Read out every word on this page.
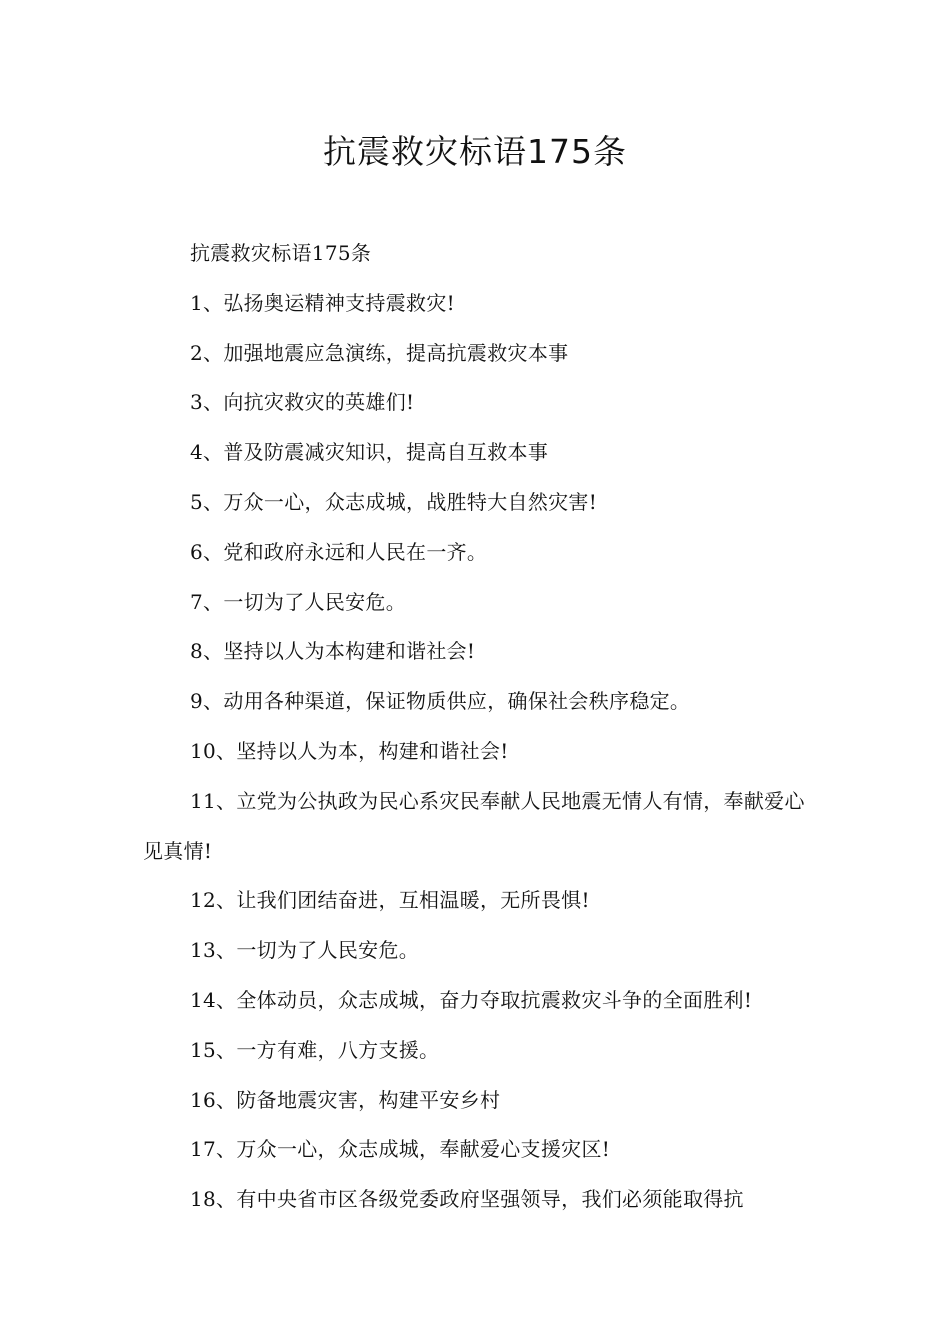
抗震救灾标语175条

抗震救灾标语175条

1、弘扬奥运精神支持震救灾!

2、加强地震应急演练，提高抗震救灾本事

3、向抗灾救灾的英雄们!

4、普及防震减灾知识，提高自互救本事

5、万众一心，众志成城，战胜特大自然灾害!

6、党和政府永远和人民在一齐。

7、一切为了人民安危。

8、坚持以人为本构建和谐社会!

9、动用各种渠道，保证物质供应，确保社会秩序稳定。

10、坚持以人为本，构建和谐社会!

11、立党为公执政为民心系灾民奉献人民地震无情人有情，奉献爱心见真情!

12、让我们团结奋进，互相温暖，无所畏惧!

13、一切为了人民安危。

14、全体动员，众志成城，奋力夺取抗震救灾斗争的全面胜利!

15、一方有难，八方支援。

16、防备地震灾害，构建平安乡村

17、万众一心，众志成城，奉献爱心支援灾区!

18、有中央省市区各级党委政府坚强领导，我们必须能取得抗
